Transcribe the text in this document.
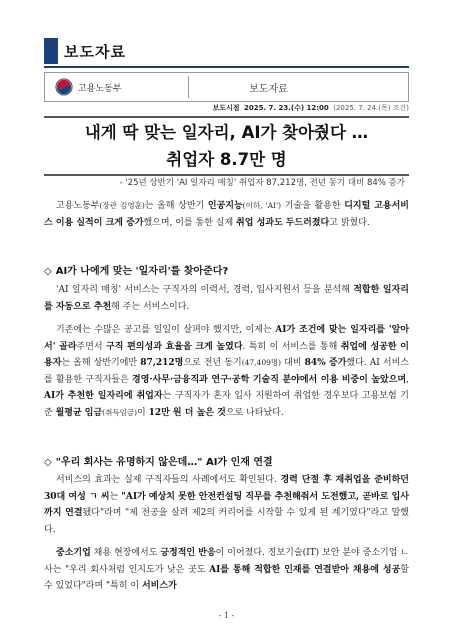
보도자료
고용노동부	보도자료
보도시점 2025. 7. 23.(수) 12:00 (2025. 7. 24.(목) 조간)
내게 딱 맞는 일자리, AI가 찾아줬다 …
취업자 8.7만 명
- '25년 상반기 'AI 일자리 매칭' 취업자 87,212명, 전년 동기 대비 84% 증가
고용노동부(장관 김영훈)는 올해 상반기 인공지능(이하, 'AI') 기술을 활용한 디지털 고용서비스 이용 실적이 크게 증가했으며, 이를 통한 실제 취업 성과도 두드러졌다고 밝혔다.
◇ AI가 나에게 맞는 '일자리'를 찾아준다?
'AI 일자리 매칭' 서비스는 구직자의 이력서, 경력, 입사지원서 등을 분석해 적합한 일자리를 자동으로 추천해 주는 서비스이다.
기존에는 수많은 공고를 일일이 살펴야 했지만, 이제는 AI가 조건에 맞는 일자리를 '알아서' 골라주면서 구직 편의성과 효율을 크게 높였다. 특히 이 서비스를 통해 취업에 성공한 이용자는 올해 상반기에만 87,212명으로 전년 동기(47,409명) 대비 84% 증가했다. AI 서비스를 활용한 구직자들은 경영·사무·금융직과 연구·공학 기술직 분야에서 이용 비중이 높았으며, AI가 추천한 일자리에 취업자는 구직자가 혼자 입사 지원하여 취업한 경우보다 고용보험 기준 월평균 임금(취득임금)이 12만 원 더 높은 것으로 나타났다.
◇ "우리 회사는 유명하지 않은데…" AI가 인재 연결
서비스의 효과는 실제 구직자들의 사례에서도 확인된다. 경력 단절 후 재취업을 준비하던 30대 여성 ㄱ 씨는 "AI가 예상치 못한 안전컨설팅 직무를 추천해줘서 도전했고, 곧바로 입사까지 연결됐다"라며 "제 전공을 살려 제2의 커리어를 시작할 수 있게 된 계기였다"라고 말했다.
중소기업 채용 현장에서도 긍정적인 반응이 이어졌다. 정보기술(IT) 보안 분야 중소기업 ㄴ 사는 "우리 회사처럼 인지도가 낮은 곳도 AI를 통해 적합한 인재를 연결받아 채용에 성공할 수 있었다"라며 "특히 이 서비스가
- 1 -
